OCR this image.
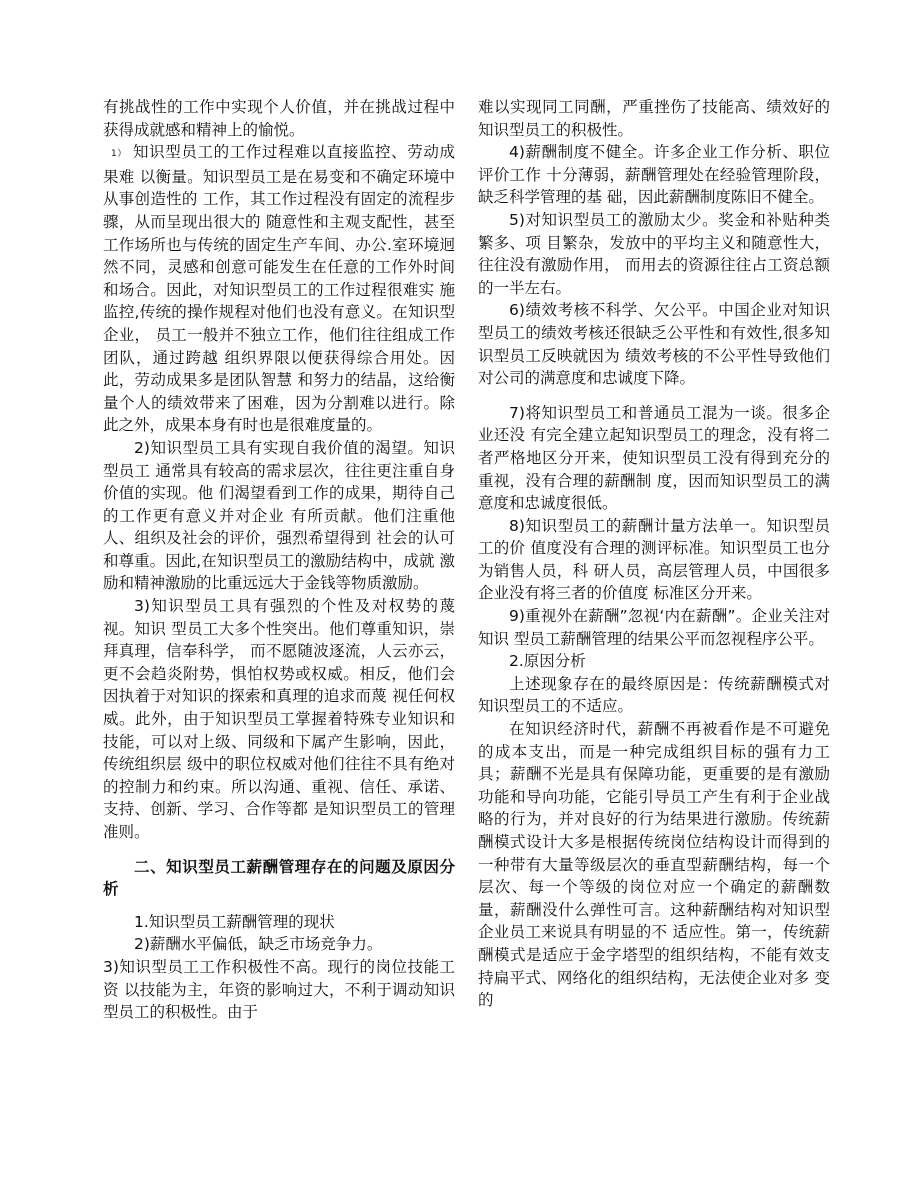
有挑战性的工作中实现个人价值，并在挑战过程中获得成就感和精神上的愉悦。

1） 知识型员工的工作过程难以直接监控、劳动成果难 以衡量。知识型员工是在易变和不确定环境中从事创造性的 工作，其工作过程没有固定的流程步骤，从而呈现出很大的 随意性和主观支配性，甚至工作场所也与传统的固定生产车间、办公.室环境迥然不同，灵感和创意可能发生在任意的工作外时间和场合。因此，对知识型员工的工作过程很难实 施监控,传统的操作规程对他们也没有意义。在知识型企业， 员工一般并不独立工作，他们往往组成工作团队，通过跨越 组织界限以便获得综合用处。因此，劳动成果多是团队智慧 和努力的结晶，这给衡量个人的绩效带来了困难，因为分割难以进行。除此之外，成果本身有时也是很难度量的。

2)知识型员工具有实现自我价值的渴望。知识型员工 通常具有较高的需求层次，往往更注重自身价值的实现。他 们渴望看到工作的成果，期待自己的工作更有意义并对企业 有所贡献。他们注重他人、组织及社会的评价，强烈希望得到 社会的认可和尊重。因此,在知识型员工的激励结构中，成就 激励和精神激励的比重远远大于金钱等物质激励。

3)知识型员工具有强烈的个性及对权势的蔑视。知识 型员工大多个性突出。他们尊重知识，崇拜真理，信奉科学， 而不愿随波逐流，人云亦云，更不会趋炎附势，惧怕权势或权威。相反，他们会因执着于对知识的探索和真理的追求而蔑 视任何权威。此外，由于知识型员工掌握着特殊专业知识和 技能，可以对上级、同级和下属产生影响，因此，传统组织层 级中的职位权威对他们往往不具有绝对的控制力和约束。所以沟通、重视、信任、承诺、支持、创新、学习、合作等都 是知识型员工的管理准则。

二、知识型员工薪酬管理存在的问题及原因分析

1.知识型员工薪酬管理的现状

2)薪酬水平偏低，缺乏市场竞争力。

3)知识型员工工作积极性不高。现行的岗位技能工资 以技能为主，年资的影响过大，不利于调动知识型员工的积极性。由于

难以实现同工同酬，严重挫伤了技能高、绩效好的 知识型员工的积极性。

4)薪酬制度不健全。许多企业工作分析、职位评价工作 十分薄弱，薪酬管理处在经验管理阶段，缺乏科学管理的基 础，因此薪酬制度陈旧不健全。

5)对知识型员工的激励太少。奖金和补贴种类繁多、项 目繁杂，发放中的平均主义和随意性大，往往没有激励作用， 而用去的资源往往占工资总额的一半左右。

6)绩效考核不科学、欠公平。中国企业对知识型员工的绩效考核还很缺乏公平性和有效性,很多知识型员工反映就因为 绩效考核的不公平性导致他们对公司的满意度和忠诚度下降。

7)将知识型员工和普通员工混为一谈。很多企业还没 有完全建立起知识型员工的理念，没有将二者严格地区分开来，使知识型员工没有得到充分的重视，没有合理的薪酬制 度，因而知识型员工的满意度和忠诚度很低。

8)知识型员工的薪酬计量方法单一。知识型员工的价 值度没有合理的测评标准。知识型员工也分为销售人员，科 研人员，高层管理人员，中国很多企业没有将三者的价值度 标准区分开来。

9)重视外在薪酬”忽视‘内在薪酬”。企业关注对知识 型员工薪酬管理的结果公平而忽视程序公平。

2.原因分析

上述现象存在的最终原因是：传统薪酬模式对知识型员工的不适应。

在知识经济时代，薪酬不再被看作是不可避免的成本支出，而是一种完成组织目标的强有力工具；薪酬不光是具有保障功能，更重要的是有激励功能和导向功能，它能引导员工产生有利于企业战略的行为，并对良好的行为结果进行激励。传统薪酬模式设计大多是根据传统岗位结构设计而得到的一种带有大量等级层次的垂直型薪酬结构，每一个层次、每一个等级的岗位对应一个确定的薪酬数量，薪酬没什么弹性可言。这种薪酬结构对知识型企业员工来说具有明显的不 适应性。第一，传统薪酬模式是适应于金字塔型的组织结构，不能有效支持扁平式、网络化的组织结构，无法使企业对多 变的
